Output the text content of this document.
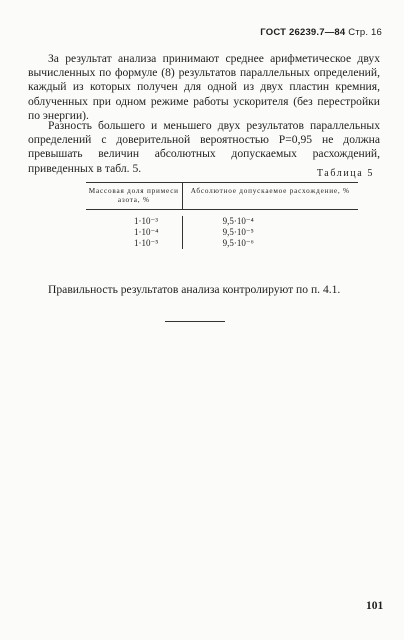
ГОСТ 26239.7—84 Стр. 16

За результат анализа принимают среднее арифметическое двух вычисленных по формуле (8) результатов параллельных определений, каждый из которых получен для одной из двух пластин кремния, облученных при одном режиме работы ускорителя (без перестройки по энергии).

Разность большего и меньшего двух результатов параллельных определений с доверительной вероятностью P=0,95 не должна превышать величин абсолютных допускаемых расхождений, приведенных в табл. 5.	Таблица 5
Массовая доля примеси азота, %
Абсолютное допускаемое расхождение, %
1·10⁻³
1·10⁻⁴
1·10⁻⁵
9,5·10⁻⁴
9,5·10⁻⁵
9,5·10⁻⁶

Правильность результатов анализа контролируют по п. 4.1.

101
